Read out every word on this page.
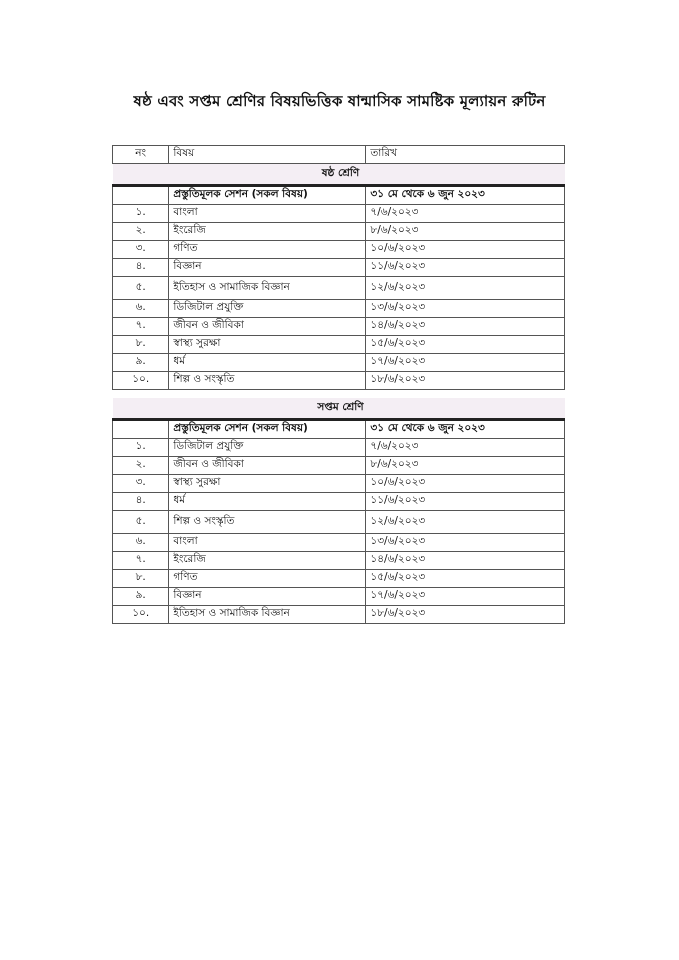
ষষ্ঠ এবং সপ্তম শ্রেণির বিষয়ভিত্তিক ষান্মাসিক সামষ্টিক মূল্যায়ন রুটিন
নং	বিষয়	তারিখ
ষষ্ঠ শ্রেণি		
	প্রস্তুতিমূলক সেশন (সকল বিষয়)	৩১ মে থেকে ৬ জুন ২০২৩
১.	বাংলা	৭/৬/২০২৩
২.	ইংরেজি	৮/৬/২০২৩
৩.	গণিত	১০/৬/২০২৩
৪.	বিজ্ঞান	১১/৬/২০২৩
৫.	ইতিহাস ও সামাজিক বিজ্ঞান	১২/৬/২০২৩
৬.	ডিজিটাল প্রযুক্তি	১৩/৬/২০২৩
৭.	জীবন ও জীবিকা	১৪/৬/২০২৩
৮.	স্বাস্থ্য সুরক্ষা	১৫/৬/২০২৩
৯.	ধর্ম	১৭/৬/২০২৩
১০.	শিল্প ও সংস্কৃতি	১৮/৬/২০২৩

সপ্তম শ্রেণি		
	প্রস্তুতিমূলক সেশন (সকল বিষয়)	৩১ মে থেকে ৬ জুন ২০২৩
১.	ডিজিটাল প্রযুক্তি	৭/৬/২০২৩
২.	জীবন ও জীবিকা	৮/৬/২০২৩
৩.	স্বাস্থ্য সুরক্ষা	১০/৬/২০২৩
৪.	ধর্ম	১১/৬/২০২৩
৫.	শিল্প ও সংস্কৃতি	১২/৬/২০২৩
৬.	বাংলা	১৩/৬/২০২৩
৭.	ইংরেজি	১৪/৬/২০২৩
৮.	গণিত	১৫/৬/২০২৩
৯.	বিজ্ঞান	১৭/৬/২০২৩
১০.	ইতিহাস ও সামাজিক বিজ্ঞান	১৮/৬/২০২৩
